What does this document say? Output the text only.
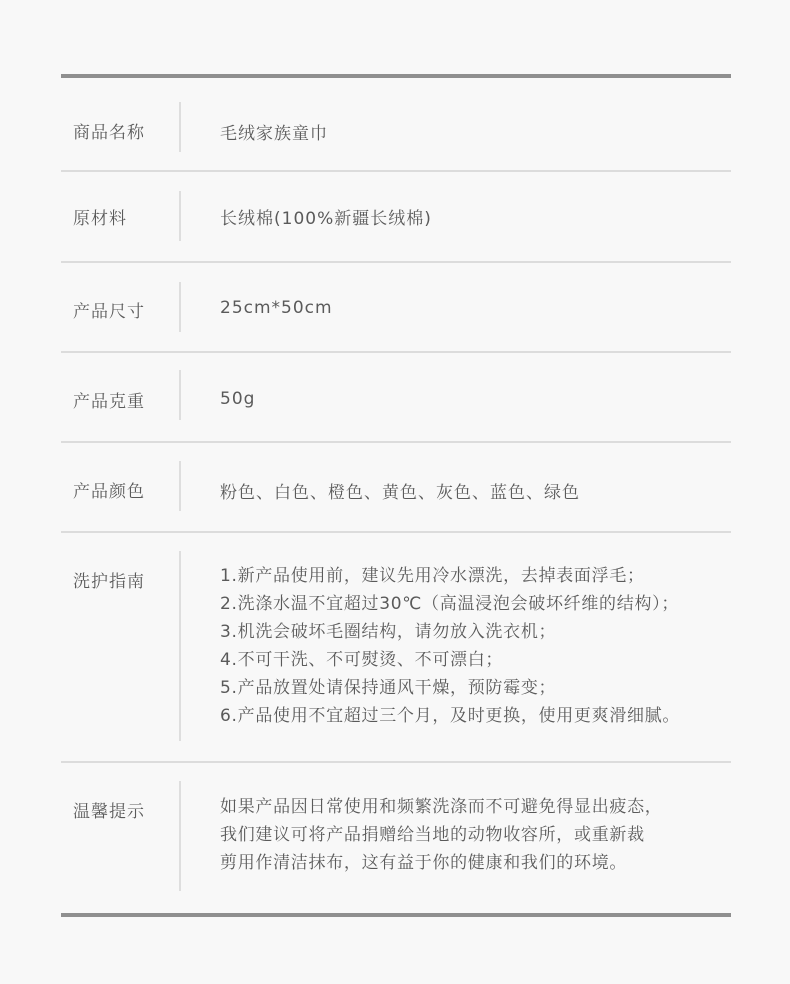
商品名称	毛绒家族童巾
原材料	长绒棉(100%新疆长绒棉)
产品尺寸	25cm*50cm
产品克重	50g
产品颜色	粉色、白色、橙色、黄色、灰色、蓝色、绿色
洗护指南	1.新产品使用前，建议先用冷水漂洗，去掉表面浮毛；
2.洗涤水温不宜超过30℃（高温浸泡会破坏纤维的结构）；
3.机洗会破坏毛圈结构，请勿放入洗衣机；
4.不可干洗、不可熨烫、不可漂白；
5.产品放置处请保持通风干燥，预防霉变；
6.产品使用不宜超过三个月，及时更换，使用更爽滑细腻。
温馨提示	如果产品因日常使用和频繁洗涤而不可避免得显出疲态，
我们建议可将产品捐赠给当地的动物收容所，或重新裁
剪用作清洁抹布，这有益于你的健康和我们的环境。
